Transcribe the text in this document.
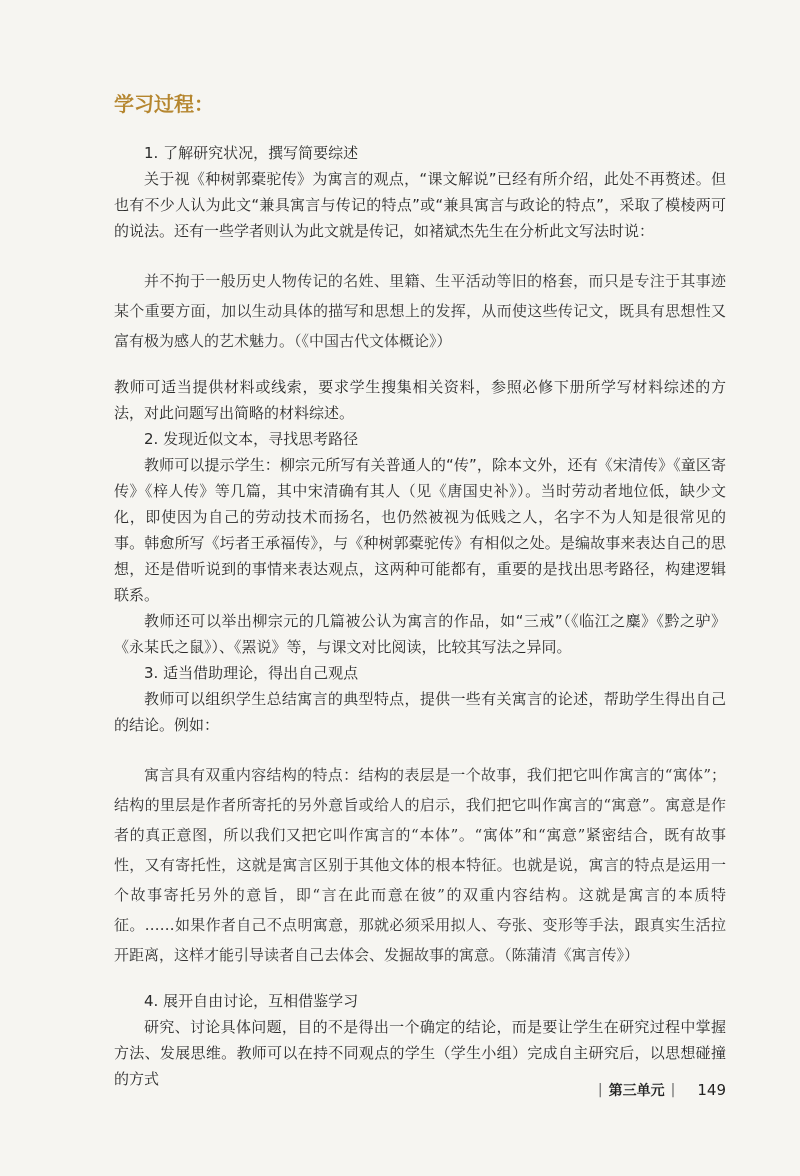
学习过程：

1. 了解研究状况，撰写简要综述

关于视《种树郭橐驼传》为寓言的观点，“课文解说”已经有所介绍，此处不再赘述。但也有不少人认为此文“兼具寓言与传记的特点”或“兼具寓言与政论的特点”，采取了模棱两可的说法。还有一些学者则认为此文就是传记，如褚斌杰先生在分析此文写法时说：

并不拘于一般历史人物传记的名姓、里籍、生平活动等旧的格套，而只是专注于其事迹某个重要方面，加以生动具体的描写和思想上的发挥，从而使这些传记文，既具有思想性又富有极为感人的艺术魅力。（《中国古代文体概论》）

教师可适当提供材料或线索，要求学生搜集相关资料，参照必修下册所学写材料综述的方法，对此问题写出简略的材料综述。

2. 发现近似文本，寻找思考路径

教师可以提示学生：柳宗元所写有关普通人的“传”，除本文外，还有《宋清传》《童区寄传》《梓人传》等几篇，其中宋清确有其人（见《唐国史补》）。当时劳动者地位低，缺少文化，即使因为自己的劳动技术而扬名，也仍然被视为低贱之人，名字不为人知是很常见的事。韩愈所写《圬者王承福传》，与《种树郭橐驼传》有相似之处。是编故事来表达自己的思想，还是借听说到的事情来表达观点，这两种可能都有，重要的是找出思考路径，构建逻辑联系。

教师还可以举出柳宗元的几篇被公认为寓言的作品，如“三戒”（《临江之麋》《黔之驴》《永某氏之鼠》）、《罴说》等，与课文对比阅读，比较其写法之异同。

3. 适当借助理论，得出自己观点

教师可以组织学生总结寓言的典型特点，提供一些有关寓言的论述，帮助学生得出自己的结论。例如：

寓言具有双重内容结构的特点：结构的表层是一个故事，我们把它叫作寓言的“寓体”；结构的里层是作者所寄托的另外意旨或给人的启示，我们把它叫作寓言的“寓意”。寓意是作者的真正意图，所以我们又把它叫作寓言的“本体”。“寓体”和“寓意”紧密结合，既有故事性，又有寄托性，这就是寓言区别于其他文体的根本特征。也就是说，寓言的特点是运用一个故事寄托另外的意旨，即“言在此而意在彼”的双重内容结构。这就是寓言的本质特征。……如果作者自己不点明寓意，那就必须采用拟人、夸张、变形等手法，跟真实生活拉开距离，这样才能引导读者自己去体会、发掘故事的寓意。（陈蒲清《寓言传》）

4. 展开自由讨论，互相借鉴学习

研究、讨论具体问题，目的不是得出一个确定的结论，而是要让学生在研究过程中掌握方法、发展思维。教师可以在持不同观点的学生（学生小组）完成自主研究后，以思想碰撞的方式

| 第三单元 | 149
